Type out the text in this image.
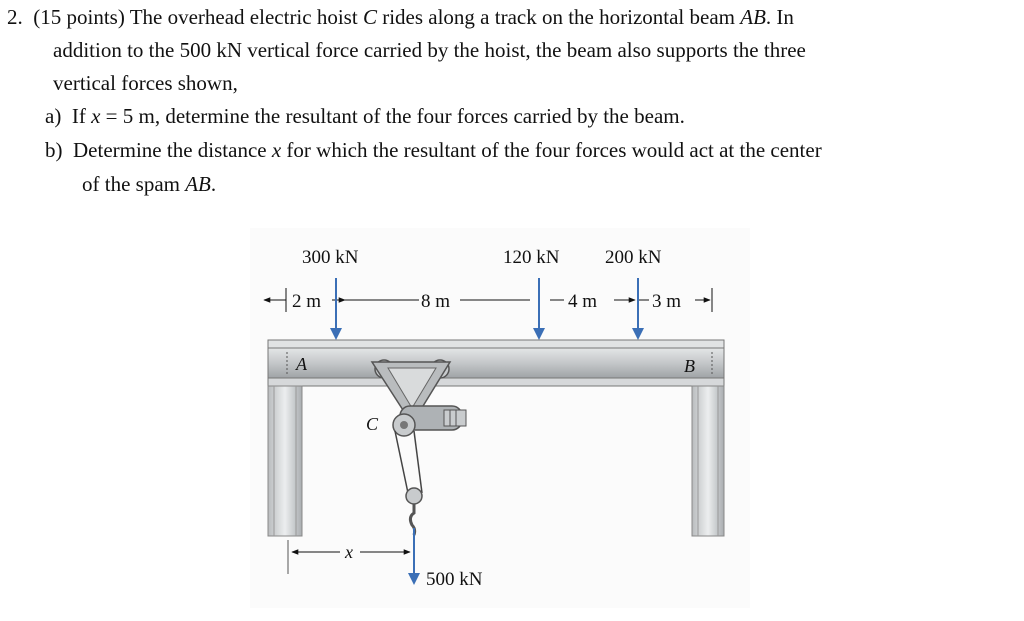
2. (15 points) The overhead electric hoist C rides along a track on the horizontal beam AB. In
addition to the 500 kN vertical force carried by the hoist, the beam also supports the three
vertical forces shown,
a) If x = 5 m, determine the resultant of the four forces carried by the beam.
b) Determine the distance x for which the resultant of the four forces would act at the center
of the spam AB.
300 kN	120 kN 200 kN
2 m	8 m	4 m	3 m
A	B
C
500 kN
x
